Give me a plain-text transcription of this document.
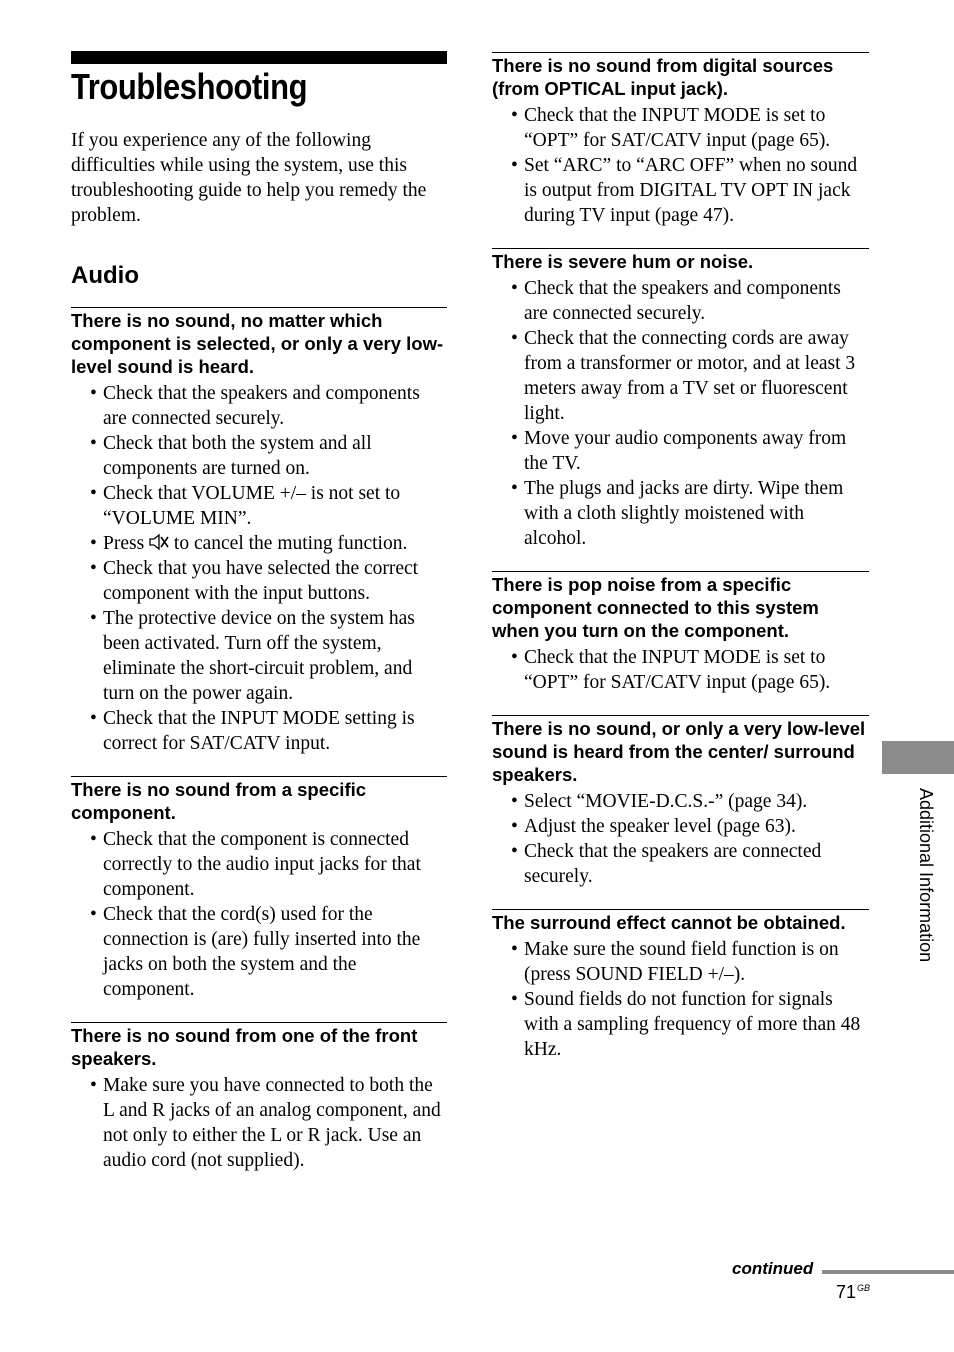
Troubleshooting

If you experience any of the following difficulties while using the system, use this troubleshooting guide to help you remedy the problem.

Audio
There is no sound, no matter which component is selected, or only a very low-level sound is heard.
• Check that the speakers and components are connected securely.
• Check that both the system and all components are turned on.
• Check that VOLUME +/– is not set to “VOLUME MIN”.
• Press  to cancel the muting function.
• Check that you have selected the correct component with the input buttons.
• The protective device on the system has been activated. Turn off the system, eliminate the short-circuit problem, and turn on the power again.
• Check that the INPUT MODE setting is correct for SAT/CATV input.
There is no sound from a specific component.
• Check that the component is connected correctly to the audio input jacks for that component.
• Check that the cord(s) used for the connection is (are) fully inserted into the jacks on both the system and the component.
There is no sound from one of the front speakers.
• Make sure you have connected to both the L and R jacks of an analog component, and not only to either the L or R jack. Use an audio cord (not supplied).
There is no sound from digital sources (from OPTICAL input jack).
• Check that the INPUT MODE is set to “OPT” for SAT/CATV input (page 65).
• Set “ARC” to “ARC OFF” when no sound is output from DIGITAL TV OPT IN jack during TV input (page 47).
There is severe hum or noise.
• Check that the speakers and components are connected securely.
• Check that the connecting cords are away from a transformer or motor, and at least 3 meters away from a TV set or fluorescent light.
• Move your audio components away from the TV.
• The plugs and jacks are dirty. Wipe them with a cloth slightly moistened with alcohol.
There is pop noise from a specific component connected to this system when you turn on the component.
• Check that the INPUT MODE is set to “OPT” for SAT/CATV input (page 65).
There is no sound, or only a very low-level sound is heard from the center/ surround speakers.
• Select “MOVIE-D.C.S.-” (page 34).
• Adjust the speaker level (page 63).
• Check that the speakers are connected securely.
The surround effect cannot be obtained.
• Make sure the sound field function is on (press SOUND FIELD +/–).
• Sound fields do not function for signals with a sampling frequency of more than 48 kHz.
Additional Information
continued
$71^{GB}$
